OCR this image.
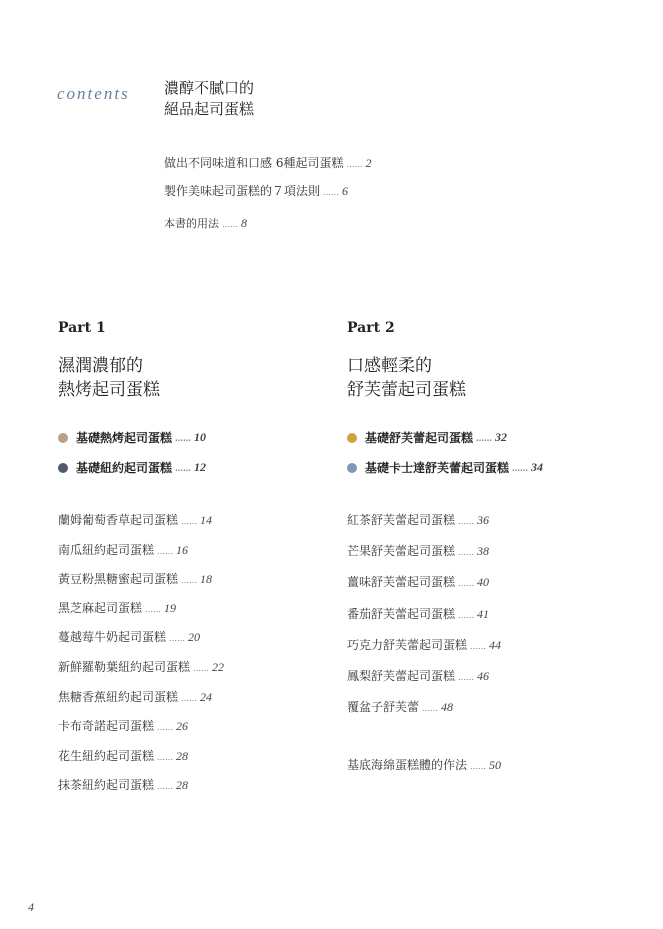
contents 濃醇不膩口的
絕品起司蛋糕
做出不同味道和口感 6種起司蛋糕 …… 2
製作美味起司蛋糕的７項法則 …… 6
本書的用法 …… 8
Part 1
濕潤濃郁的
熱烤起司蛋糕
基礎熱烤起司蛋糕 …… 10
基礎紐約起司蛋糕 …… 12
蘭姆葡萄香草起司蛋糕 …… 14
南瓜紐約起司蛋糕 …… 16
黃豆粉黑糖蜜起司蛋糕 …… 18
黑芝麻起司蛋糕 …… 19
蔓越莓牛奶起司蛋糕 …… 20
新鮮羅勒葉紐約起司蛋糕 …… 22
焦糖香蕉紐約起司蛋糕 …… 24
卡布奇諾起司蛋糕 …… 26
花生紐約起司蛋糕 …… 28
抹茶紐約起司蛋糕 …… 28
Part 2
口感輕柔的
舒芙蕾起司蛋糕
基礎舒芙蕾起司蛋糕 …… 32
基礎卡士達舒芙蕾起司蛋糕 …… 34
紅茶舒芙蕾起司蛋糕 …… 36
芒果舒芙蕾起司蛋糕 …… 38
薑味舒芙蕾起司蛋糕 …… 40
番茄舒芙蕾起司蛋糕 …… 41
巧克力舒芙蕾起司蛋糕 …… 44
鳳梨舒芙蕾起司蛋糕 …… 46
覆盆子舒芙蕾 …… 48
基底海綿蛋糕體的作法 …… 50
4
